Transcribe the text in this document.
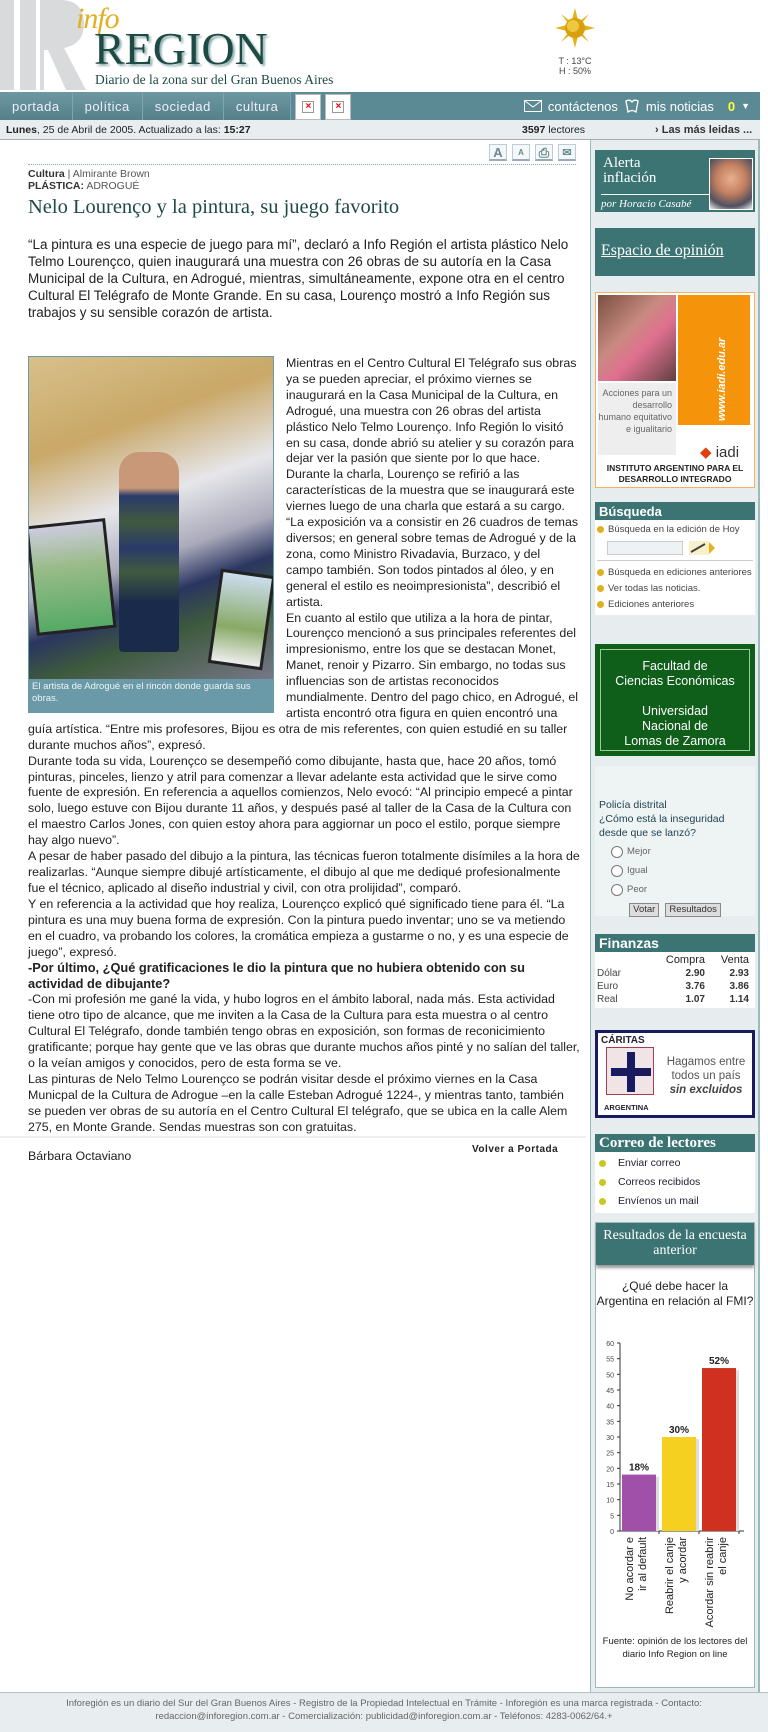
info
REGION
Diario de la zona sur del Gran Buenos Aires
T : 13°C
H : 50%
portada	política	sociedad	cultura	×	×	contáctenos mis noticias 0 ▼
Lunes, 25 de Abril de 2005. Actualizado a las: 15:27	3597 lectores	› Las más leidas ...
A	A	⎙	✉
Cultura | Almirante Brown
PLÁSTICA: ADROGUÉ
Nelo Lourenço y la pintura, su juego favorito

“La pintura es una especie de juego para mí”, declaró a Info Región el artista plástico Nelo Telmo Lourençco, quien inaugurará una muestra con 26 obras de su autoría en la Casa Municipal de la Cultura, en Adrogué, mientras, simultáneamente, expone otra en el centro Cultural El Telégrafo de Monte Grande. En su casa, Lourenço mostró a Info Región sus trabajos y su sensible corazón de artista.

El artista de Adrogué en el rincón donde guarda sus obras.

Mientras en el Centro Cultural El Telégrafo sus obras ya se pueden apreciar, el próximo viernes se inaugurará en la Casa Municipal de la Cultura, en Adrogué, una muestra con 26 obras del artista plástico Nelo Telmo Lourenço. Info Región lo visitó en su casa, donde abrió su atelier y su corazón para dejar ver la pasión que siente por lo que hace.

Durante la charla, Lourenço se refirió a las características de la muestra que se inaugurará este viernes luego de una charla que estará a su cargo. “La exposición va a consistir en 26 cuadros de temas diversos; en general sobre temas de Adrogué y de la zona, como Ministro Rivadavia, Burzaco, y del campo también. Son todos pintados al óleo, y en general el estilo es neoimpresionista”, describió el artista.

En cuanto al estilo que utiliza a la hora de pintar, Lourençco mencionó a sus principales referentes del impresionismo, entre los que se destacan Monet, Manet, renoir y Pizarro. Sin embargo, no todas sus influencias son de artistas reconocidos mundialmente. Dentro del pago chico, en Adrogué, el artista encontró otra figura en quien encontró una guía artística. “Entre mis profesores, Bijou es otra de mis referentes, con quien estudié en su taller durante muchos años”, expresó.

Durante toda su vida, Lourençco se desempeñó como dibujante, hasta que, hace 20 años, tomó pinturas, pinceles, lienzo y atril para comenzar a llevar adelante esta actividad que le sirve como fuente de expresión. En referencia a aquellos comienzos, Nelo evocó: “Al principio empecé a pintar solo, luego estuve con Bijou durante 11 años, y después pasé al taller de la Casa de la Cultura con el maestro Carlos Jones, con quien estoy ahora para aggiornar un poco el estilo, porque siempre hay algo nuevo”.

A pesar de haber pasado del dibujo a la pintura, las técnicas fueron totalmente disímiles a la hora de realizarlas. “Aunque siempre dibujé artísticamente, el dibujo al que me dediqué profesionalmente fue el técnico, aplicado al diseño industrial y civil, con otra prolijidad”, comparó.

Y en referencia a la actividad que hoy realiza, Lourençco explicó qué significado tiene para él. “La pintura es una muy buena forma de expresión. Con la pintura puedo inventar; uno se va metiendo en el cuadro, va probando los colores, la cromática empieza a gustarme o no, y es una especie de juego”, expresó.

-Por último, ¿Qué gratificaciones le dio la pintura que no hubiera obtenido con su actividad de dibujante?

-Con mi profesión me gané la vida, y hubo logros en el ámbito laboral, nada más. Esta actividad tiene otro tipo de alcance, que me inviten a la Casa de la Cultura para esta muestra o al centro Cultural El Telégrafo, donde también tengo obras en exposición, son formas de reconicimiento gratificante; porque hay gente que ve las obras que durante muchos años pinté y no salían del taller, o la veían amigos y conocidos, pero de esta forma se ve.

Las pinturas de Nelo Telmo Lourençco se podrán visitar desde el próximo viernes en la Casa Municpal de la Cultura de Adrogue –en la calle Esteban Adrogué 1224-, y mientras tanto, también se pueden ver obras de su autoría en el Centro Cultural El telégrafo, que se ubica en la calle Alem 275, en Monte Grande. Sendas muestras son con gratuitas.

Bárbara Octaviano	Volver a Portada
Alerta
inflación
por Horacio Casabé
Espacio de opinión
www.iadi.edu.ar
Acciones para un desarrollo humano equitativo e igualitario
◆ iadi
INSTITUTO ARGENTINO PARA EL DESARROLLO INTEGRADO
Búsqueda
Búsqueda en la edición de Hoy
Búsqueda en ediciones anteriores
Ver todas las noticias.
Ediciones anteriores
Facultad de
Ciencias Económicas
Universidad
Nacional de
Lomas de Zamora
Policía distrital
¿Cómo está la inseguridad desde que se lanzó?
Mejor
Igual
Peor
Votar	Resultados
Finanzas
Compra	Venta
Dólar	2.90	2.93
Euro	3.76	3.86
Real	1.07	1.14
CÁRITAS
ARGENTINA
Hagamos entre todos un país
sin excluidos
Correo de lectores
Enviar correo
Correos recibidos
Envíenos un mail
Resultados de la encuesta anterior
¿Qué debe hacer la Argentina en relación al FMI?
0
5
10
15
20
25
30
35
40
45
50
55
60
18%
No acordar e ir al default
30%
Reabrir el canje y acordar
52%
Acordar sin reabrir el canje
Fuente: opinión de los lectores del diario Info Region on line
Inforegión es un diario del Sur del Gran Buenos Aires - Registro de la Propiedad Intelectual en Trámite - Inforegión es una marca registrada - Contacto:
redaccion@inforegion.com.ar - Comercialización: publicidad@inforegion.com.ar - Teléfonos: 4283-0062/64.+
